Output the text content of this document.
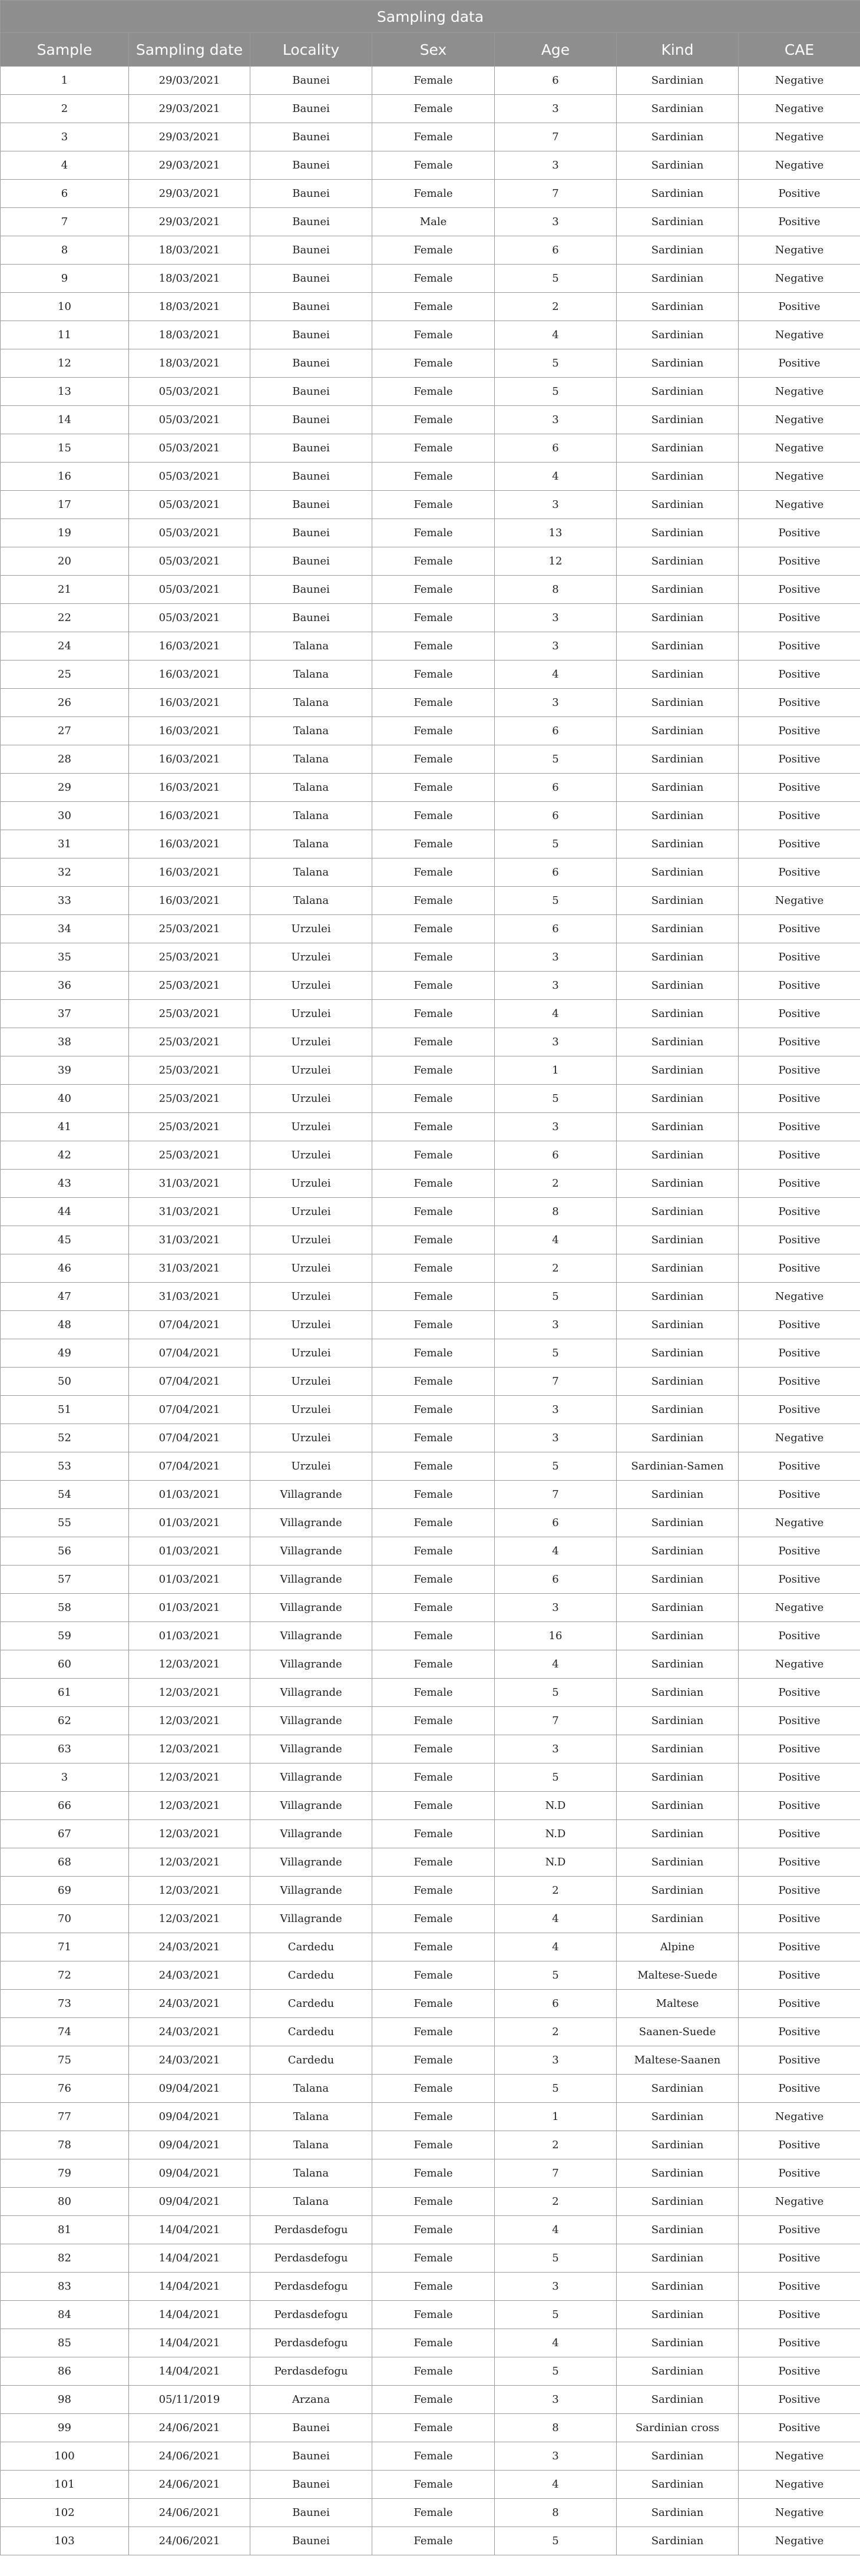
Sampling data						
Sample	Sampling date	Locality	Sex	Age	Kind	CAE
1	29/03/2021	Baunei	Female	6	Sardinian	Negative
2	29/03/2021	Baunei	Female	3	Sardinian	Negative
3	29/03/2021	Baunei	Female	7	Sardinian	Negative
4	29/03/2021	Baunei	Female	3	Sardinian	Negative
6	29/03/2021	Baunei	Female	7	Sardinian	Positive
7	29/03/2021	Baunei	Male	3	Sardinian	Positive
8	18/03/2021	Baunei	Female	6	Sardinian	Negative
9	18/03/2021	Baunei	Female	5	Sardinian	Negative
10	18/03/2021	Baunei	Female	2	Sardinian	Positive
11	18/03/2021	Baunei	Female	4	Sardinian	Negative
12	18/03/2021	Baunei	Female	5	Sardinian	Positive
13	05/03/2021	Baunei	Female	5	Sardinian	Negative
14	05/03/2021	Baunei	Female	3	Sardinian	Negative
15	05/03/2021	Baunei	Female	6	Sardinian	Negative
16	05/03/2021	Baunei	Female	4	Sardinian	Negative
17	05/03/2021	Baunei	Female	3	Sardinian	Negative
19	05/03/2021	Baunei	Female	13	Sardinian	Positive
20	05/03/2021	Baunei	Female	12	Sardinian	Positive
21	05/03/2021	Baunei	Female	8	Sardinian	Positive
22	05/03/2021	Baunei	Female	3	Sardinian	Positive
24	16/03/2021	Talana	Female	3	Sardinian	Positive
25	16/03/2021	Talana	Female	4	Sardinian	Positive
26	16/03/2021	Talana	Female	3	Sardinian	Positive
27	16/03/2021	Talana	Female	6	Sardinian	Positive
28	16/03/2021	Talana	Female	5	Sardinian	Positive
29	16/03/2021	Talana	Female	6	Sardinian	Positive
30	16/03/2021	Talana	Female	6	Sardinian	Positive
31	16/03/2021	Talana	Female	5	Sardinian	Positive
32	16/03/2021	Talana	Female	6	Sardinian	Positive
33	16/03/2021	Talana	Female	5	Sardinian	Negative
34	25/03/2021	Urzulei	Female	6	Sardinian	Positive
35	25/03/2021	Urzulei	Female	3	Sardinian	Positive
36	25/03/2021	Urzulei	Female	3	Sardinian	Positive
37	25/03/2021	Urzulei	Female	4	Sardinian	Positive
38	25/03/2021	Urzulei	Female	3	Sardinian	Positive
39	25/03/2021	Urzulei	Female	1	Sardinian	Positive
40	25/03/2021	Urzulei	Female	5	Sardinian	Positive
41	25/03/2021	Urzulei	Female	3	Sardinian	Positive
42	25/03/2021	Urzulei	Female	6	Sardinian	Positive
43	31/03/2021	Urzulei	Female	2	Sardinian	Positive
44	31/03/2021	Urzulei	Female	8	Sardinian	Positive
45	31/03/2021	Urzulei	Female	4	Sardinian	Positive
46	31/03/2021	Urzulei	Female	2	Sardinian	Positive
47	31/03/2021	Urzulei	Female	5	Sardinian	Negative
48	07/04/2021	Urzulei	Female	3	Sardinian	Positive
49	07/04/2021	Urzulei	Female	5	Sardinian	Positive
50	07/04/2021	Urzulei	Female	7	Sardinian	Positive
51	07/04/2021	Urzulei	Female	3	Sardinian	Positive
52	07/04/2021	Urzulei	Female	3	Sardinian	Negative
53	07/04/2021	Urzulei	Female	5	Sardinian-Samen	Positive
54	01/03/2021	Villagrande	Female	7	Sardinian	Positive
55	01/03/2021	Villagrande	Female	6	Sardinian	Negative
56	01/03/2021	Villagrande	Female	4	Sardinian	Positive
57	01/03/2021	Villagrande	Female	6	Sardinian	Positive
58	01/03/2021	Villagrande	Female	3	Sardinian	Negative
59	01/03/2021	Villagrande	Female	16	Sardinian	Positive
60	12/03/2021	Villagrande	Female	4	Sardinian	Negative
61	12/03/2021	Villagrande	Female	5	Sardinian	Positive
62	12/03/2021	Villagrande	Female	7	Sardinian	Positive
63	12/03/2021	Villagrande	Female	3	Sardinian	Positive
3	12/03/2021	Villagrande	Female	5	Sardinian	Positive
66	12/03/2021	Villagrande	Female	N.D	Sardinian	Positive
67	12/03/2021	Villagrande	Female	N.D	Sardinian	Positive
68	12/03/2021	Villagrande	Female	N.D	Sardinian	Positive
69	12/03/2021	Villagrande	Female	2	Sardinian	Positive
70	12/03/2021	Villagrande	Female	4	Sardinian	Positive
71	24/03/2021	Cardedu	Female	4	Alpine	Positive
72	24/03/2021	Cardedu	Female	5	Maltese-Suede	Positive
73	24/03/2021	Cardedu	Female	6	Maltese	Positive
74	24/03/2021	Cardedu	Female	2	Saanen-Suede	Positive
75	24/03/2021	Cardedu	Female	3	Maltese-Saanen	Positive
76	09/04/2021	Talana	Female	5	Sardinian	Positive
77	09/04/2021	Talana	Female	1	Sardinian	Negative
78	09/04/2021	Talana	Female	2	Sardinian	Positive
79	09/04/2021	Talana	Female	7	Sardinian	Positive
80	09/04/2021	Talana	Female	2	Sardinian	Negative
81	14/04/2021	Perdasdefogu	Female	4	Sardinian	Positive
82	14/04/2021	Perdasdefogu	Female	5	Sardinian	Positive
83	14/04/2021	Perdasdefogu	Female	3	Sardinian	Positive
84	14/04/2021	Perdasdefogu	Female	5	Sardinian	Positive
85	14/04/2021	Perdasdefogu	Female	4	Sardinian	Positive
86	14/04/2021	Perdasdefogu	Female	5	Sardinian	Positive
98	05/11/2019	Arzana	Female	3	Sardinian	Positive
99	24/06/2021	Baunei	Female	8	Sardinian cross	Positive
100	24/06/2021	Baunei	Female	3	Sardinian	Negative
101	24/06/2021	Baunei	Female	4	Sardinian	Negative
102	24/06/2021	Baunei	Female	8	Sardinian	Negative
103	24/06/2021	Baunei	Female	5	Sardinian	Negative
